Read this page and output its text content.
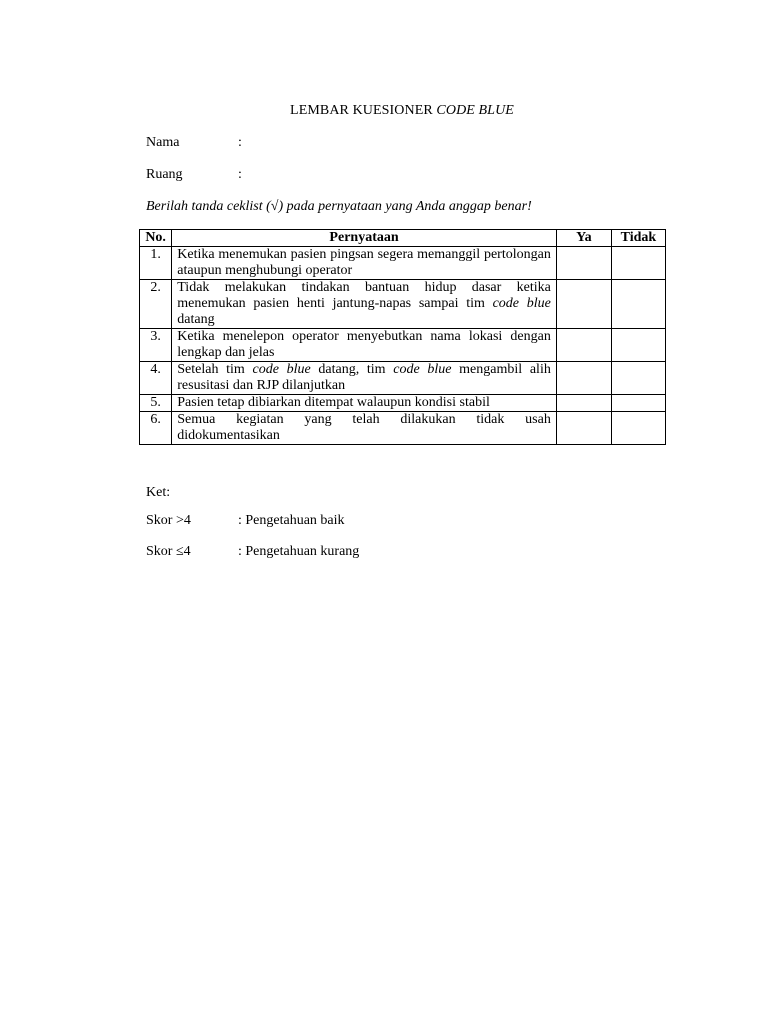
LEMBAR KUESIONER CODE BLUE
Nama	:
Ruang	:
Berilah tanda ceklist (√) pada pernyataan yang Anda anggap benar!
No.	Pernyataan	Ya	Tidak
1.	Ketika menemukan pasien pingsan segera memanggil pertolongan ataupun menghubungi operator		
2.	Tidak melakukan tindakan bantuan hidup dasar ketika menemukan pasien henti jantung-napas sampai tim code blue datang		
3.	Ketika menelepon operator menyebutkan nama lokasi dengan lengkap dan jelas		
4.	Setelah tim code blue datang, tim code blue mengambil alih resusitasi dan RJP dilanjutkan		
5.	Pasien tetap dibiarkan ditempat walaupun kondisi stabil		
6.	Semua kegiatan yang telah dilakukan tidak usah didokumentasikan		
Ket:
Skor >4	: Pengetahuan baik
Skor ≤4	: Pengetahuan kurang
